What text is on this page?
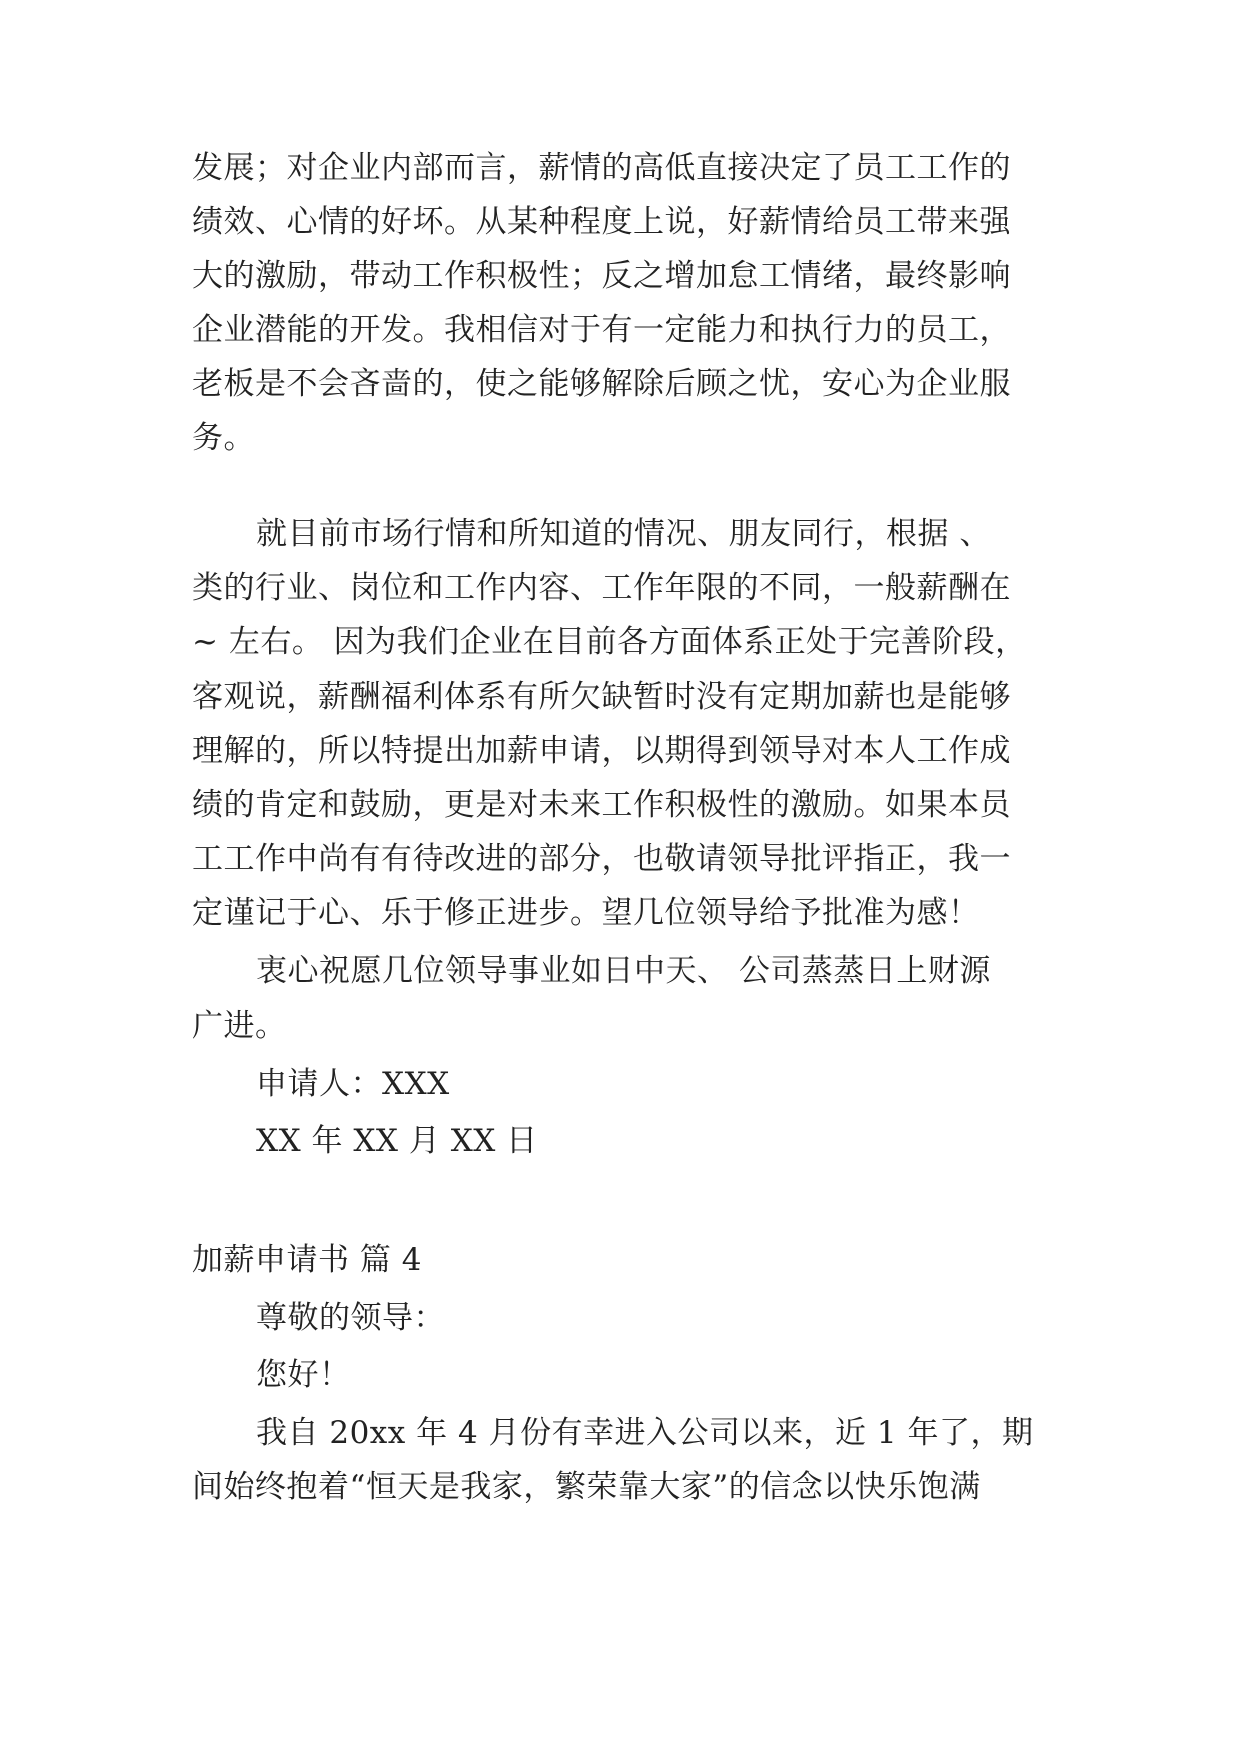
发展；对企业内部而言，薪情的高低直接决定了员工工作的
绩效、心情的好坏。从某种程度上说，好薪情给员工带来强
大的激励，带动工作积极性；反之增加怠工情绪，最终影响
企业潜能的开发。我相信对于有一定能力和执行力的员工，
老板是不会吝啬的，使之能够解除后顾之忧，安心为企业服
务。
就目前市场行情和所知道的情况、朋友同行，根据 、
类的行业、岗位和工作内容、工作年限的不同，一般薪酬在
~ 左右。 因为我们企业在目前各方面体系正处于完善阶段，
客观说，薪酬福利体系有所欠缺暂时没有定期加薪也是能够
理解的，所以特提出加薪申请，以期得到领导对本人工作成
绩的肯定和鼓励，更是对未来工作积极性的激励。如果本员
工工作中尚有有待改进的部分，也敬请领导批评指正，我一
定谨记于心、乐于修正进步。望几位领导给予批准为感！
衷心祝愿几位领导事业如日中天、 公司蒸蒸日上财源
广进。
申请人：XXX
XX 年 XX 月 XX 日
加薪申请书 篇 4
尊敬的领导：
您好！
我自 20xx 年 4 月份有幸进入公司以来，近 1 年了，期
间始终抱着“恒天是我家，繁荣靠大家”的信念以快乐饱满
